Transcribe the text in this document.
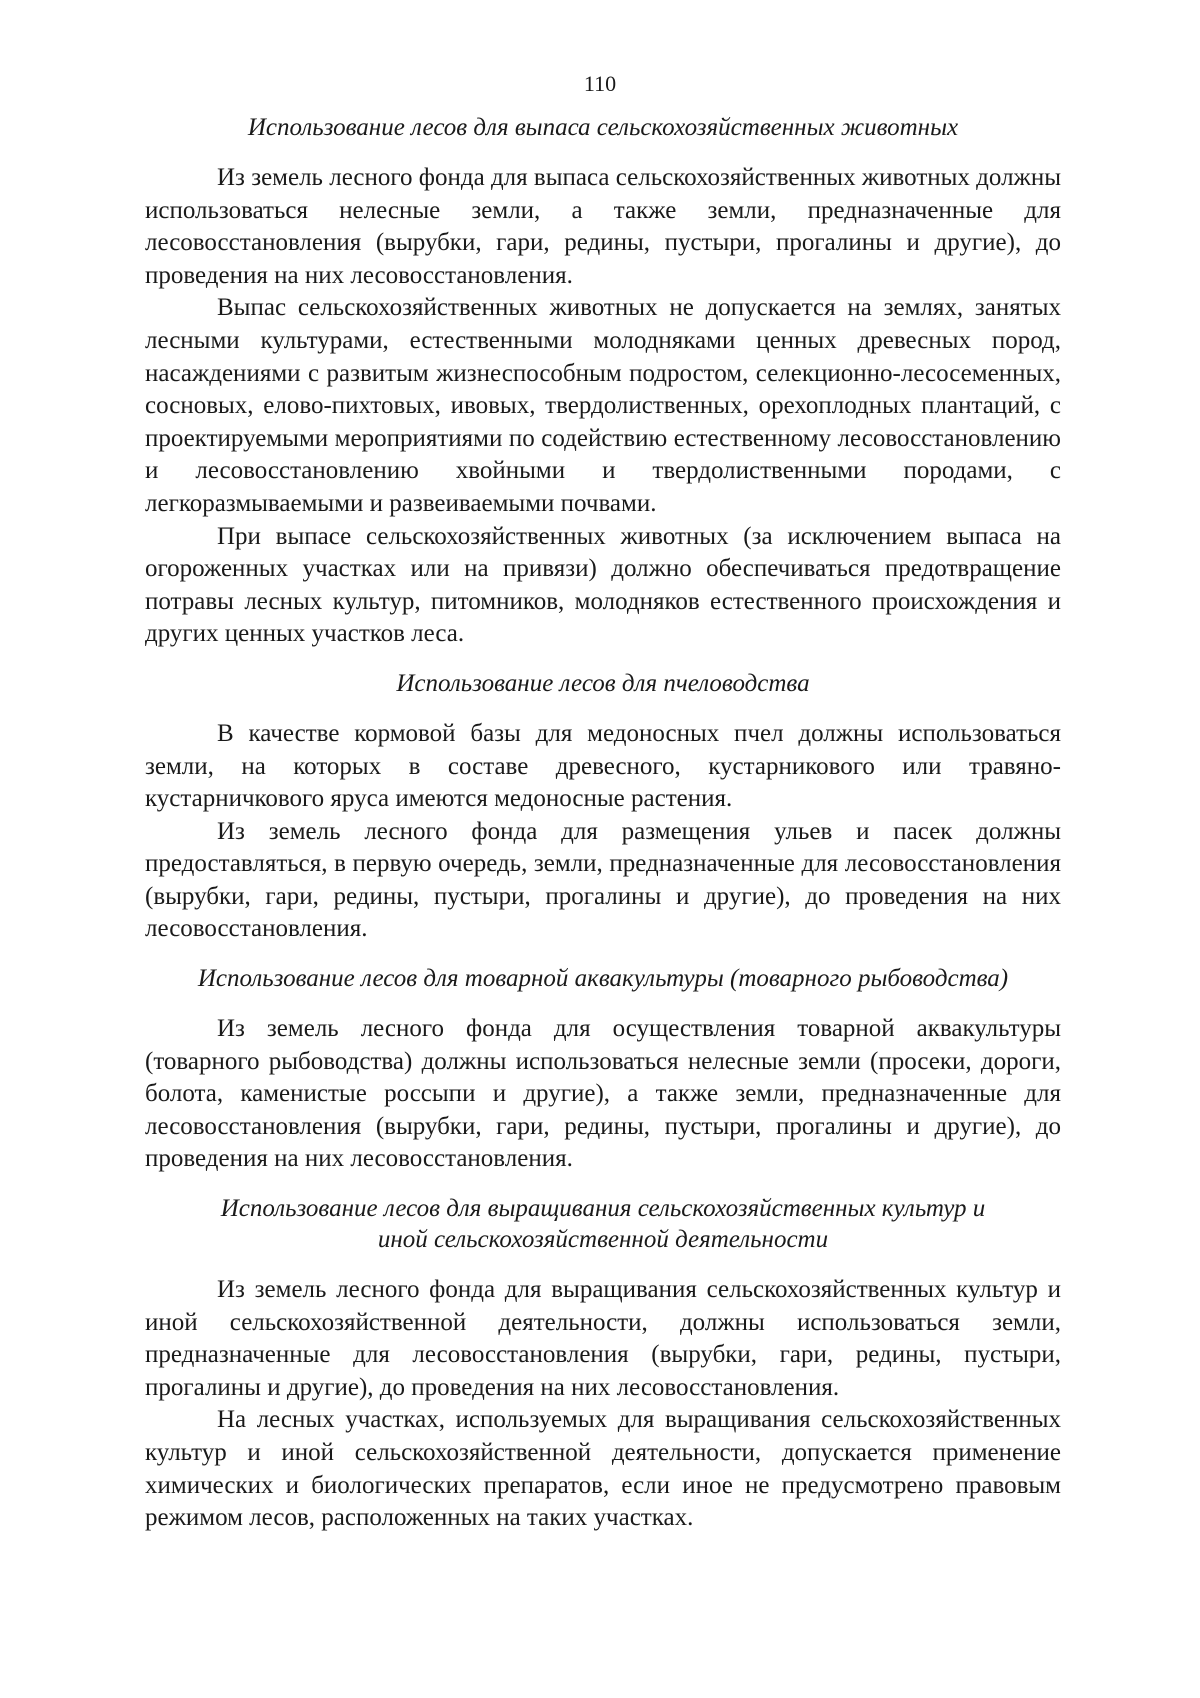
110
Использование лесов для выпаса сельскохозяйственных животных

Из земель лесного фонда для выпаса сельскохозяйственных животных должны использоваться нелесные земли, а также земли, предназначенные для лесовосстановления (вырубки, гари, редины, пустыри, прогалины и другие), до проведения на них лесовосстановления.

Выпас сельскохозяйственных животных не допускается на землях, занятых лесными культурами, естественными молодняками ценных древесных пород, насаждениями с развитым жизнеспособным подростом, селекционно-лесосеменных, сосновых, елово-пихтовых, ивовых, твердолиственных, орехоплодных плантаций, с проектируемыми мероприятиями по содействию естественному лесовосстановлению и лесовосстановлению хвойными и твердолиственными породами, с легкоразмываемыми и развеиваемыми почвами.

При выпасе сельскохозяйственных животных (за исключением выпаса на огороженных участках или на привязи) должно обеспечиваться предотвращение потравы лесных культур, питомников, молодняков естественного происхождения и других ценных участков леса.

Использование лесов для пчеловодства

В качестве кормовой базы для медоносных пчел должны использоваться земли, на которых в составе древесного, кустарникового или травяно-кустарничкового яруса имеются медоносные растения.

Из земель лесного фонда для размещения ульев и пасек должны предоставляться, в первую очередь, земли, предназначенные для лесовосстановления (вырубки, гари, редины, пустыри, прогалины и другие), до проведения на них лесовосстановления.

Использование лесов для товарной аквакультуры (товарного рыбоводства)

Из земель лесного фонда для осуществления товарной аквакультуры (товарного рыбоводства) должны использоваться нелесные земли (просеки, дороги, болота, каменистые россыпи и другие), а также земли, предназначенные для лесовосстановления (вырубки, гари, редины, пустыри, прогалины и другие), до проведения на них лесовосстановления.

Использование лесов для выращивания сельскохозяйственных культур и
иной сельскохозяйственной деятельности

Из земель лесного фонда для выращивания сельскохозяйственных культур и иной сельскохозяйственной деятельности, должны использоваться земли, предназначенные для лесовосстановления (вырубки, гари, редины, пустыри, прогалины и другие), до проведения на них лесовосстановления.

На лесных участках, используемых для выращивания сельскохозяйственных культур и иной сельскохозяйственной деятельности, допускается применение химических и биологических препаратов, если иное не предусмотрено правовым режимом лесов, расположенных на таких участках.
